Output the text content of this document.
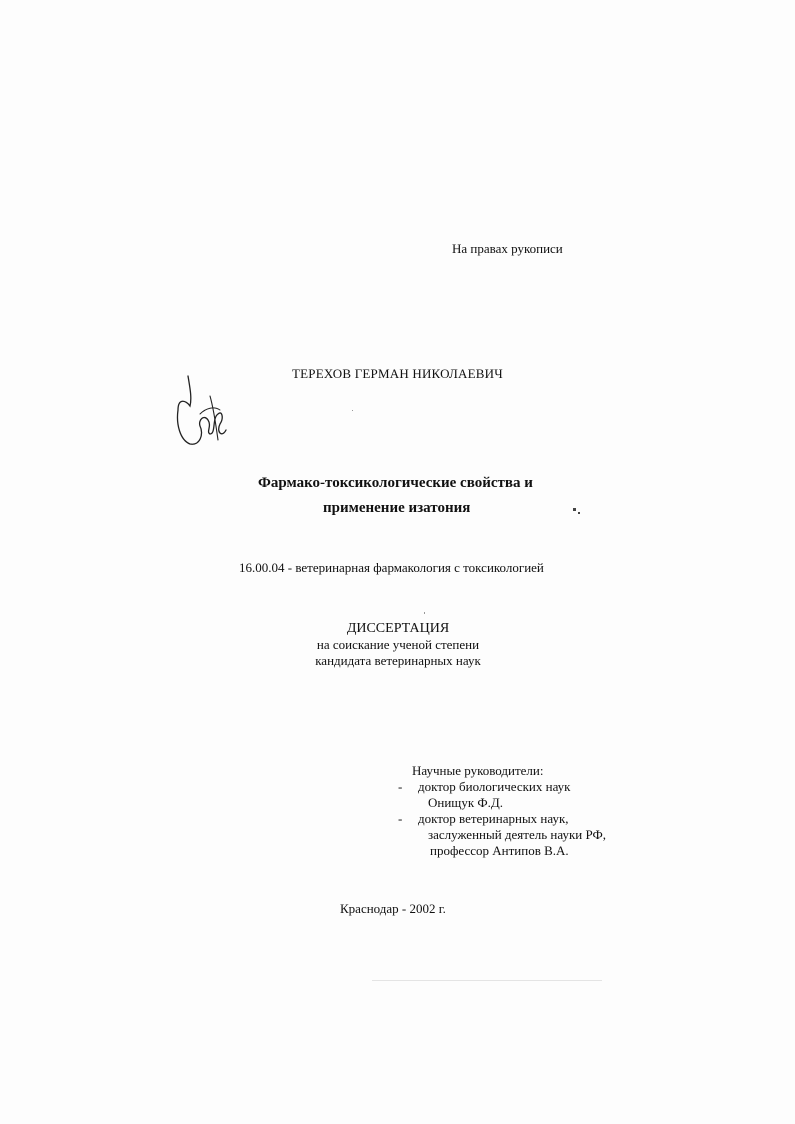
На правах рукописи
ТЕРЕХОВ ГЕРМАН НИКОЛАЕВИЧ
Фармако-токсикологические свойства и
применение изатония
16.00.04 - ветеринарная фармакология с токсикологией
ДИССЕРТАЦИЯ
на соискание ученой степени
кандидата ветеринарных наук
Научные руководители:
-	доктор биологических наук
Онищук Ф.Д.
-	доктор ветеринарных наук,
заслуженный деятель науки РФ,
профессор Антипов В.А.
Краснодар - 2002 г.
